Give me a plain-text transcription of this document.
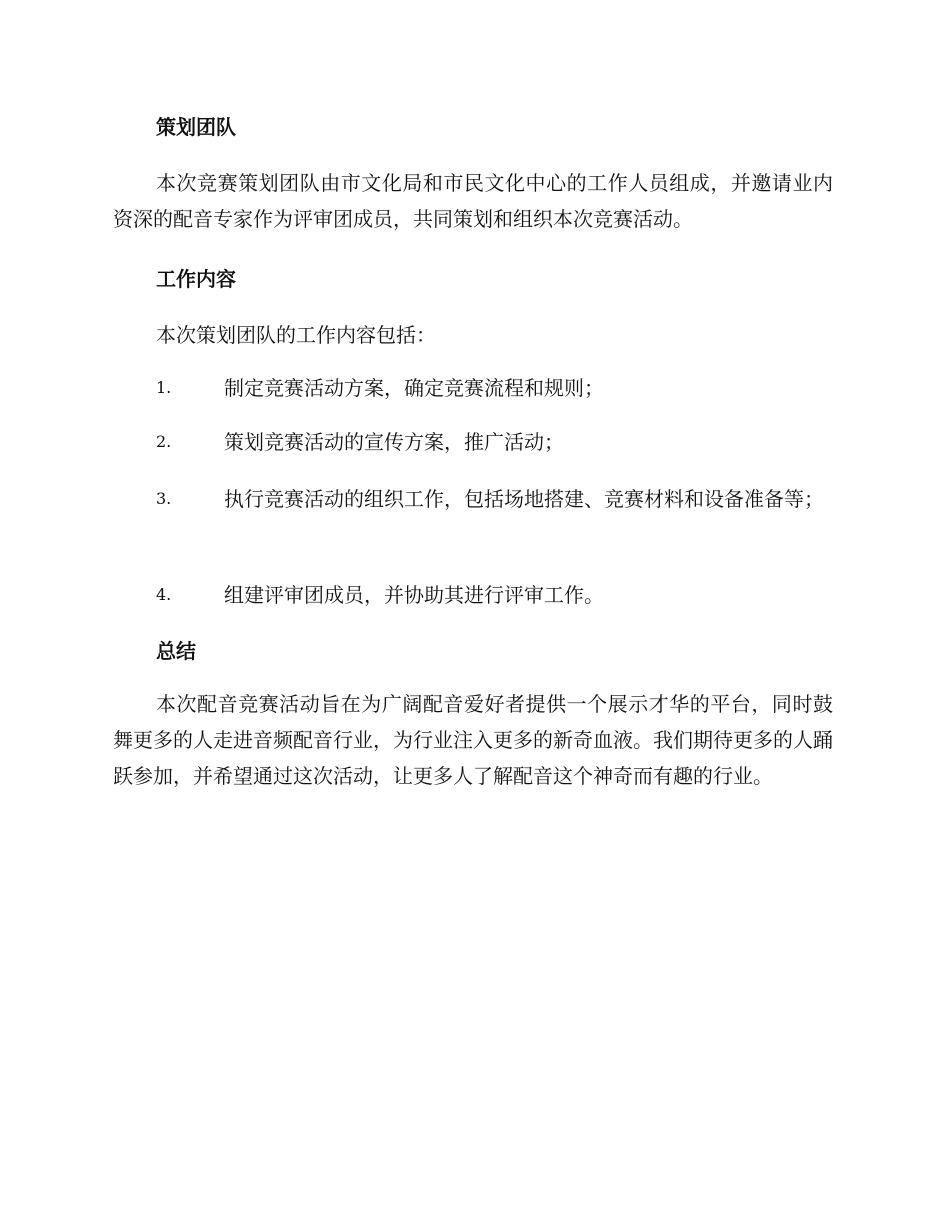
策划团队
本次竞赛策划团队由市文化局和市民文化中心的工作人员组成，并邀请业内资深的配音专家作为评审团成员，共同策划和组织本次竞赛活动。
工作内容
本次策划团队的工作内容包括：
1.	制定竞赛活动方案，确定竞赛流程和规则；
2.	策划竞赛活动的宣传方案，推广活动；
3.	执行竞赛活动的组织工作，包括场地搭建、竞赛材料和设备准备等；
4.	组建评审团成员，并协助其进行评审工作。
总结
本次配音竞赛活动旨在为广阔配音爱好者提供一个展示才华的平台，同时鼓舞更多的人走进音频配音行业，为行业注入更多的新奇血液。我们期待更多的人踊跃参加，并希望通过这次活动，让更多人了解配音这个神奇而有趣的行业。
